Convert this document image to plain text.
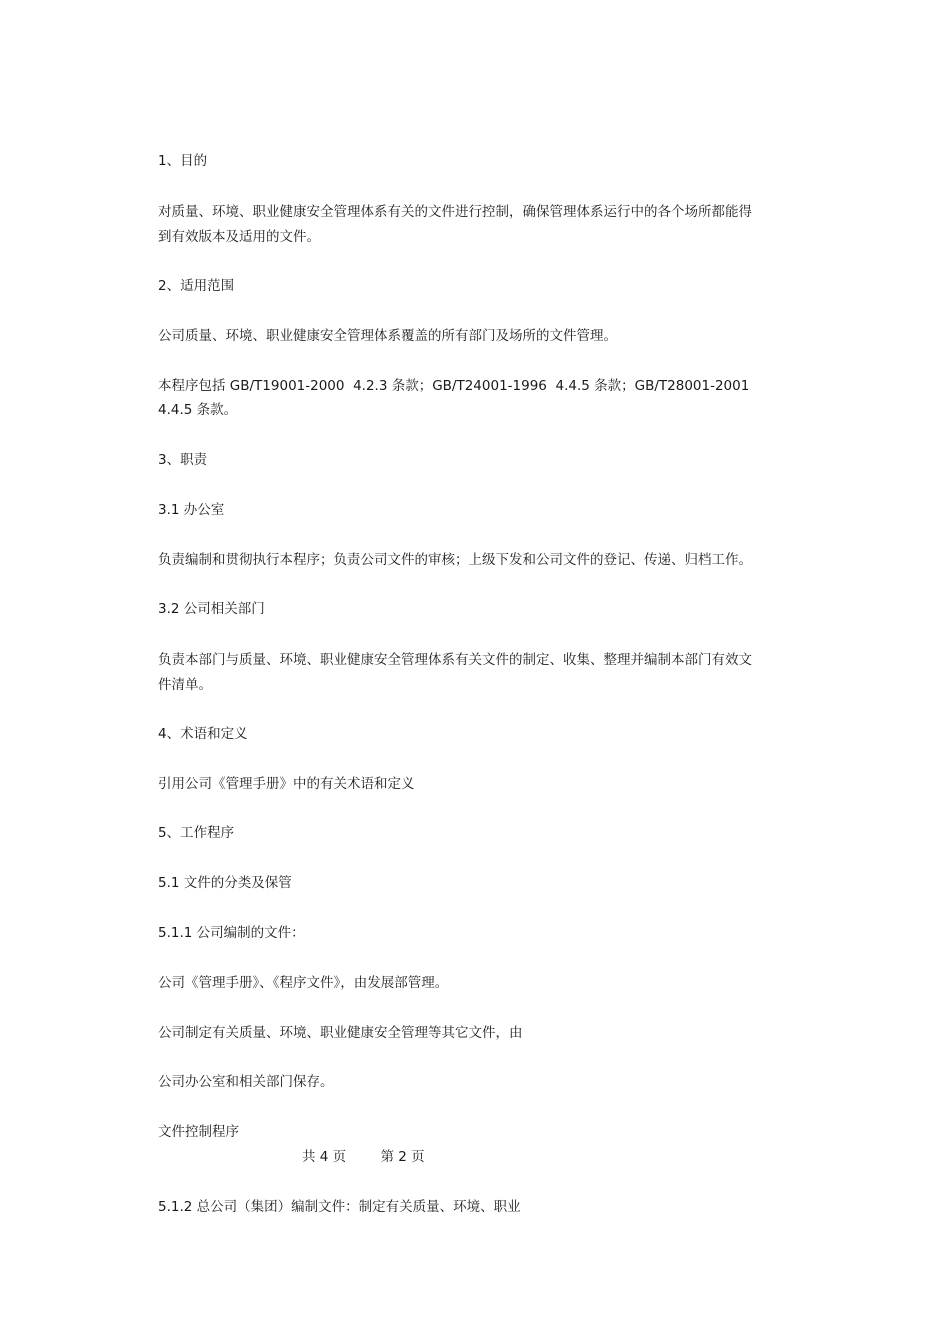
1、目的

对质量、环境、职业健康安全管理体系有关的文件进行控制，确保管理体系运行中的各个场所都能得

到有效版本及适用的文件。

2、适用范围

公司质量、环境、职业健康安全管理体系覆盖的所有部门及场所的文件管理。

本程序包括 GB/T19001-2000  4.2.3 条款；GB/T24001-1996  4.4.5 条款；GB/T28001-2001

4.4.5 条款。

3、职责

3.1 办公室

负责编制和贯彻执行本程序；负责公司文件的审核；上级下发和公司文件的登记、传递、归档工作。

3.2 公司相关部门

负责本部门与质量、环境、职业健康安全管理体系有关文件的制定、收集、整理并编制本部门有效文

件清单。

4、术语和定义

引用公司《管理手册》中的有关术语和定义

5、工作程序

5.1 文件的分类及保管

5.1.1 公司编制的文件：

公司《管理手册》、《程序文件》，由发展部管理。

公司制定有关质量、环境、职业健康安全管理等其它文件，由

公司办公室和相关部门保存。

文件控制程序

共 4 页        第 2 页

5.1.2 总公司（集团）编制文件：制定有关质量、环境、职业
